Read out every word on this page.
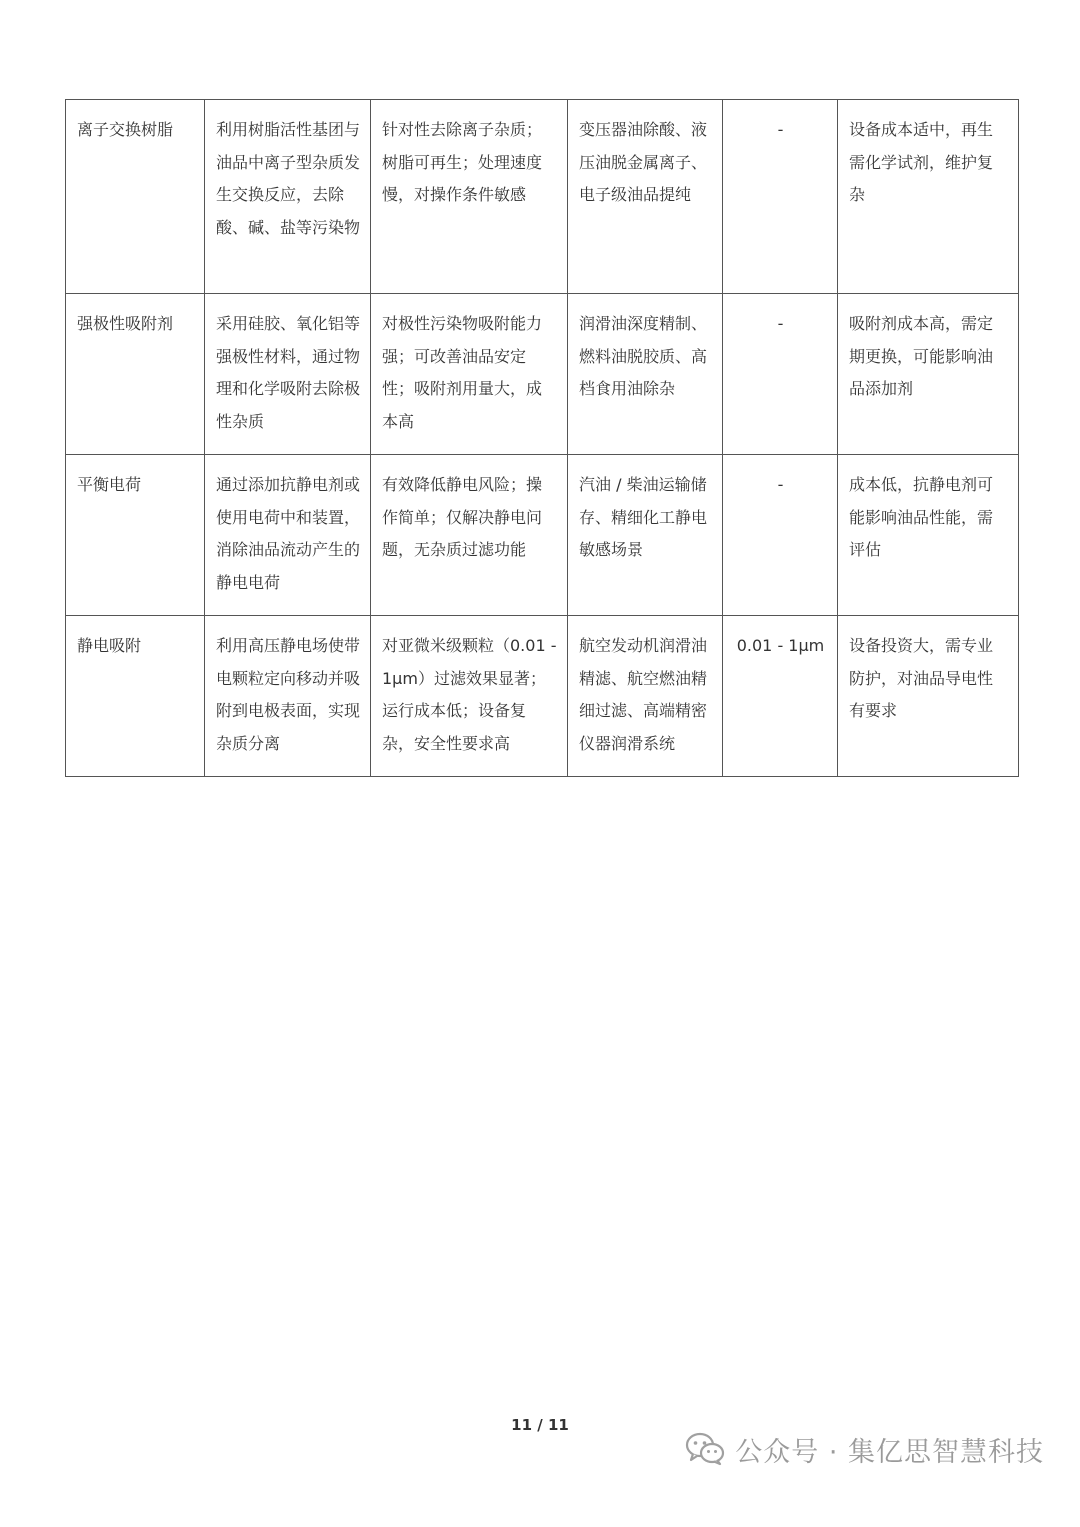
离子交换树脂	利用树脂活性基团与油品中离子型杂质发生交换反应，去除酸、碱、盐等污染物	针对性去除离子杂质；树脂可再生；处理速度慢，对操作条件敏感	变压器油除酸、液压油脱金属离子、电子级油品提纯	-	设备成本适中，再生需化学试剂，维护复杂
强极性吸附剂	采用硅胶、氧化铝等强极性材料，通过物理和化学吸附去除极性杂质	对极性污染物吸附能力强；可改善油品安定性；吸附剂用量大，成本高	润滑油深度精制、燃料油脱胶质、高档食用油除杂	-	吸附剂成本高，需定期更换，可能影响油品添加剂
平衡电荷	通过添加抗静电剂或使用电荷中和装置，消除油品流动产生的静电电荷	有效降低静电风险；操作简单；仅解决静电问题，无杂质过滤功能	汽油 / 柴油运输储存、精细化工静电敏感场景	-	成本低，抗静电剂可能影响油品性能，需评估
静电吸附	利用高压静电场使带电颗粒定向移动并吸附到电极表面，实现杂质分离	对亚微米级颗粒（0.01 - 1μm）过滤效果显著；运行成本低；设备复杂，安全性要求高	航空发动机润滑油精滤、航空燃油精细过滤、高端精密仪器润滑系统	0.01 - 1μm	设备投资大，需专业防护，对油品导电性有要求
11 / 11
公众号 · 集亿思智慧科技
